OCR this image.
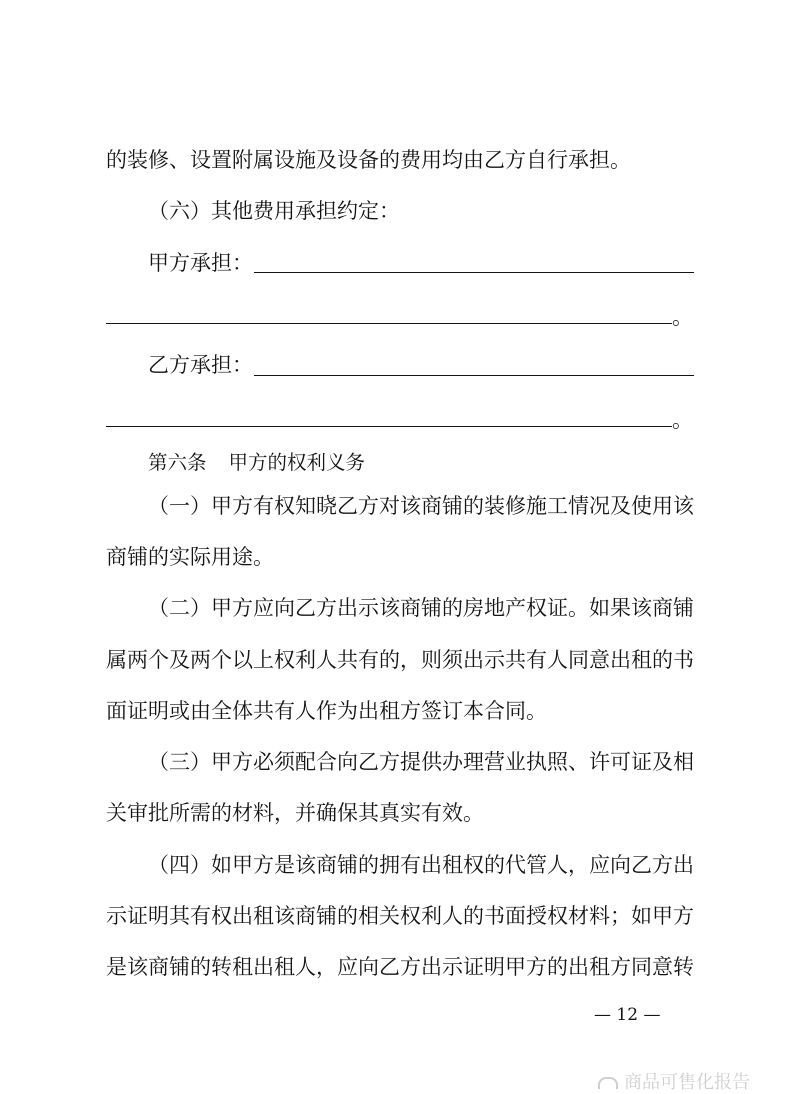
的装修、设置附属设施及设备的费用均由乙方自行承担。
（六）其他费用承担约定：
甲方承担：
。
乙方承担：
。
第六条 甲方的权利义务
（一）甲方有权知晓乙方对该商铺的装修施工情况及使用该
商铺的实际用途。
（二）甲方应向乙方出示该商铺的房地产权证。如果该商铺
属两个及两个以上权利人共有的，则须出示共有人同意出租的书
面证明或由全体共有人作为出租方签订本合同。
（三）甲方必须配合向乙方提供办理营业执照、许可证及相
关审批所需的材料，并确保其真实有效。
（四）如甲方是该商铺的拥有出租权的代管人，应向乙方出
示证明其有权出租该商铺的相关权利人的书面授权材料；如甲方
是该商铺的转租出租人，应向乙方出示证明甲方的出租方同意转
— 12 —
商品可售化报告
